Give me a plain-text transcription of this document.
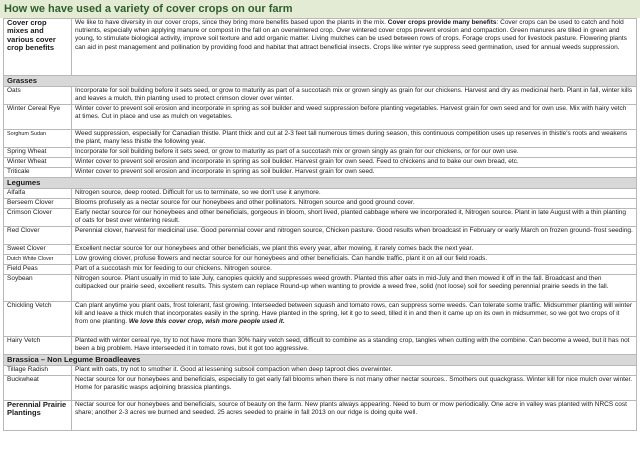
How we have used a variety of cover crops on our farm
Cover crop mixes and various cover crop benefits	We like to have diversity in our cover crops, since they bring more benefits based upon the plants in the mix. Cover crops provide many benefits: Cover crops can be used to catch and hold nutrients, especially when applying manure or compost in the fall on an overwintered crop. Over wintered cover crops prevent erosion and compaction. Green manures are tilled in green and young, to stimulate biological activity, improve soil texture and add organic matter. Living mulches can be used between rows of crops. Forage crops used for livestock pasture. Flowering plants can aid in pest management and pollination by providing food and habitat that attract beneficial insects. Crops like winter rye suppress seed germination, used for annual weeds suppression.
Grasses	
Oats	Incorporate for soil building before it sets seed, or grow to maturity as part of a succotash mix or grown singly as grain for our chickens. Harvest and dry as medicinal herb. Plant in fall, winter kills and leaves a mulch, thin planting used to protect crimson clover over winter.
Winter Cereal Rye	Winter cover to prevent soil erosion and incorporate in spring as soil builder and weed suppression before planting vegetables. Harvest grain for own seed and for own use. Mix with hairy vetch at times. Cut in place and use as mulch on vegetables.
Sorghum Sudan	Weed suppression, especially for Canadian thistle. Plant thick and cut at 2-3 feet tall numerous times during season, this continuous competition uses up reserves in thistle's roots and weakens the plant, many less thistle the following year.
Spring Wheat	Incorporate for soil building before it sets seed, or grow to maturity as part of a succotash mix or grown singly as grain for our chickens, or for our own use.
Winter Wheat	Winter cover to prevent soil erosion and incorporate in spring as soil builder. Harvest grain for own seed. Feed to chickens and to bake our own bread, etc.
Triticale	Winter cover to prevent soil erosion and incorporate in spring as soil builder. Harvest grain for own seed.
Legumes	
Alfalfa	Nitrogen source, deep rooted. Difficult for us to terminate, so we don't use it anymore.
Berseem Clover	Blooms profusely as a nectar source for our honeybees and other pollinators. Nitrogen source and good ground cover.
Crimson Clover	Early nectar source for our honeybees and other beneficials, gorgeous in bloom, short lived, planted cabbage where we incorporated it, Nitrogen source. Plant in late August with a thin planting of oats for best over wintering result.
Red Clover	Perennial clover, harvest for medicinal use. Good perennial cover and nitrogen source, Chicken pasture. Good results when broadcast in February or early March on frozen ground- frost seeding.
Sweet Clover	Excellent nectar source for our honeybees and other beneficials, we plant this every year, after mowing, it rarely comes back the next year.
Dutch White Clover	Low growing clover, profuse flowers and nectar source for our honeybees and other beneficials. Can handle traffic, plant it on all our field roads.
Field Peas	Part of a succotash mix for feeding to our chickens. Nitrogen source.
Soybean	Nitrogen source. Plant usually in mid to late July, canopies quickly and suppresses weed growth. Planted this after oats in mid-July and then mowed it off in the fall. Broadcast and then cultipacked our prairie seed, excellent results. This system can replace Round-up when wanting to provide a weed free, solid (not loose) soil for seeding perennial prairie seeds in the fall.
Chickling Vetch	Can plant anytime you plant oats, frost tolerant, fast growing. Interseeded between squash and tomato rows, can suppress some weeds. Can tolerate some traffic. Midsummer planting will winter kill and leave a thick mulch that incorporates easily in the spring. Have planted in the spring, let it go to seed, tilled it in and then it came up on its own in midsummer, so we got two crops of it from one planting. We love this cover crop, wish more people used it.
Hairy Vetch	Planted with winter cereal rye, try to not have more than 30% hairy vetch seed, difficult to combine as a standing crop, tangles when cutting with the combine. Can become a weed, but it has not been a big problem. Have interseeded it in tomato rows, but it got too aggressive.
Brassica – Non Legume Broadleaves	
Tillage Radish	Plant with oats, try not to smother it. Good at lessening subsoil compaction when deep taproot dies overwinter.
Buckwheat	Nectar source for our honeybees and beneficials, especially to get early fall blooms when there is not many other nectar sources.. Smothers out quackgrass. Winter kill for nice mulch over winter. Home for parasitic wasps adjoining brassica plantings.
Perennial Prairie Plantings	Nectar source for our honeybees and beneficials, source of beauty on the farm. New plants always appearing. Need to burn or mow periodically. One acre in valley was planted with NRCS cost share; another 2-3 acres we burned and seeded. 25 acres seeded to prairie in fall 2013 on our ridge is doing quite well.
